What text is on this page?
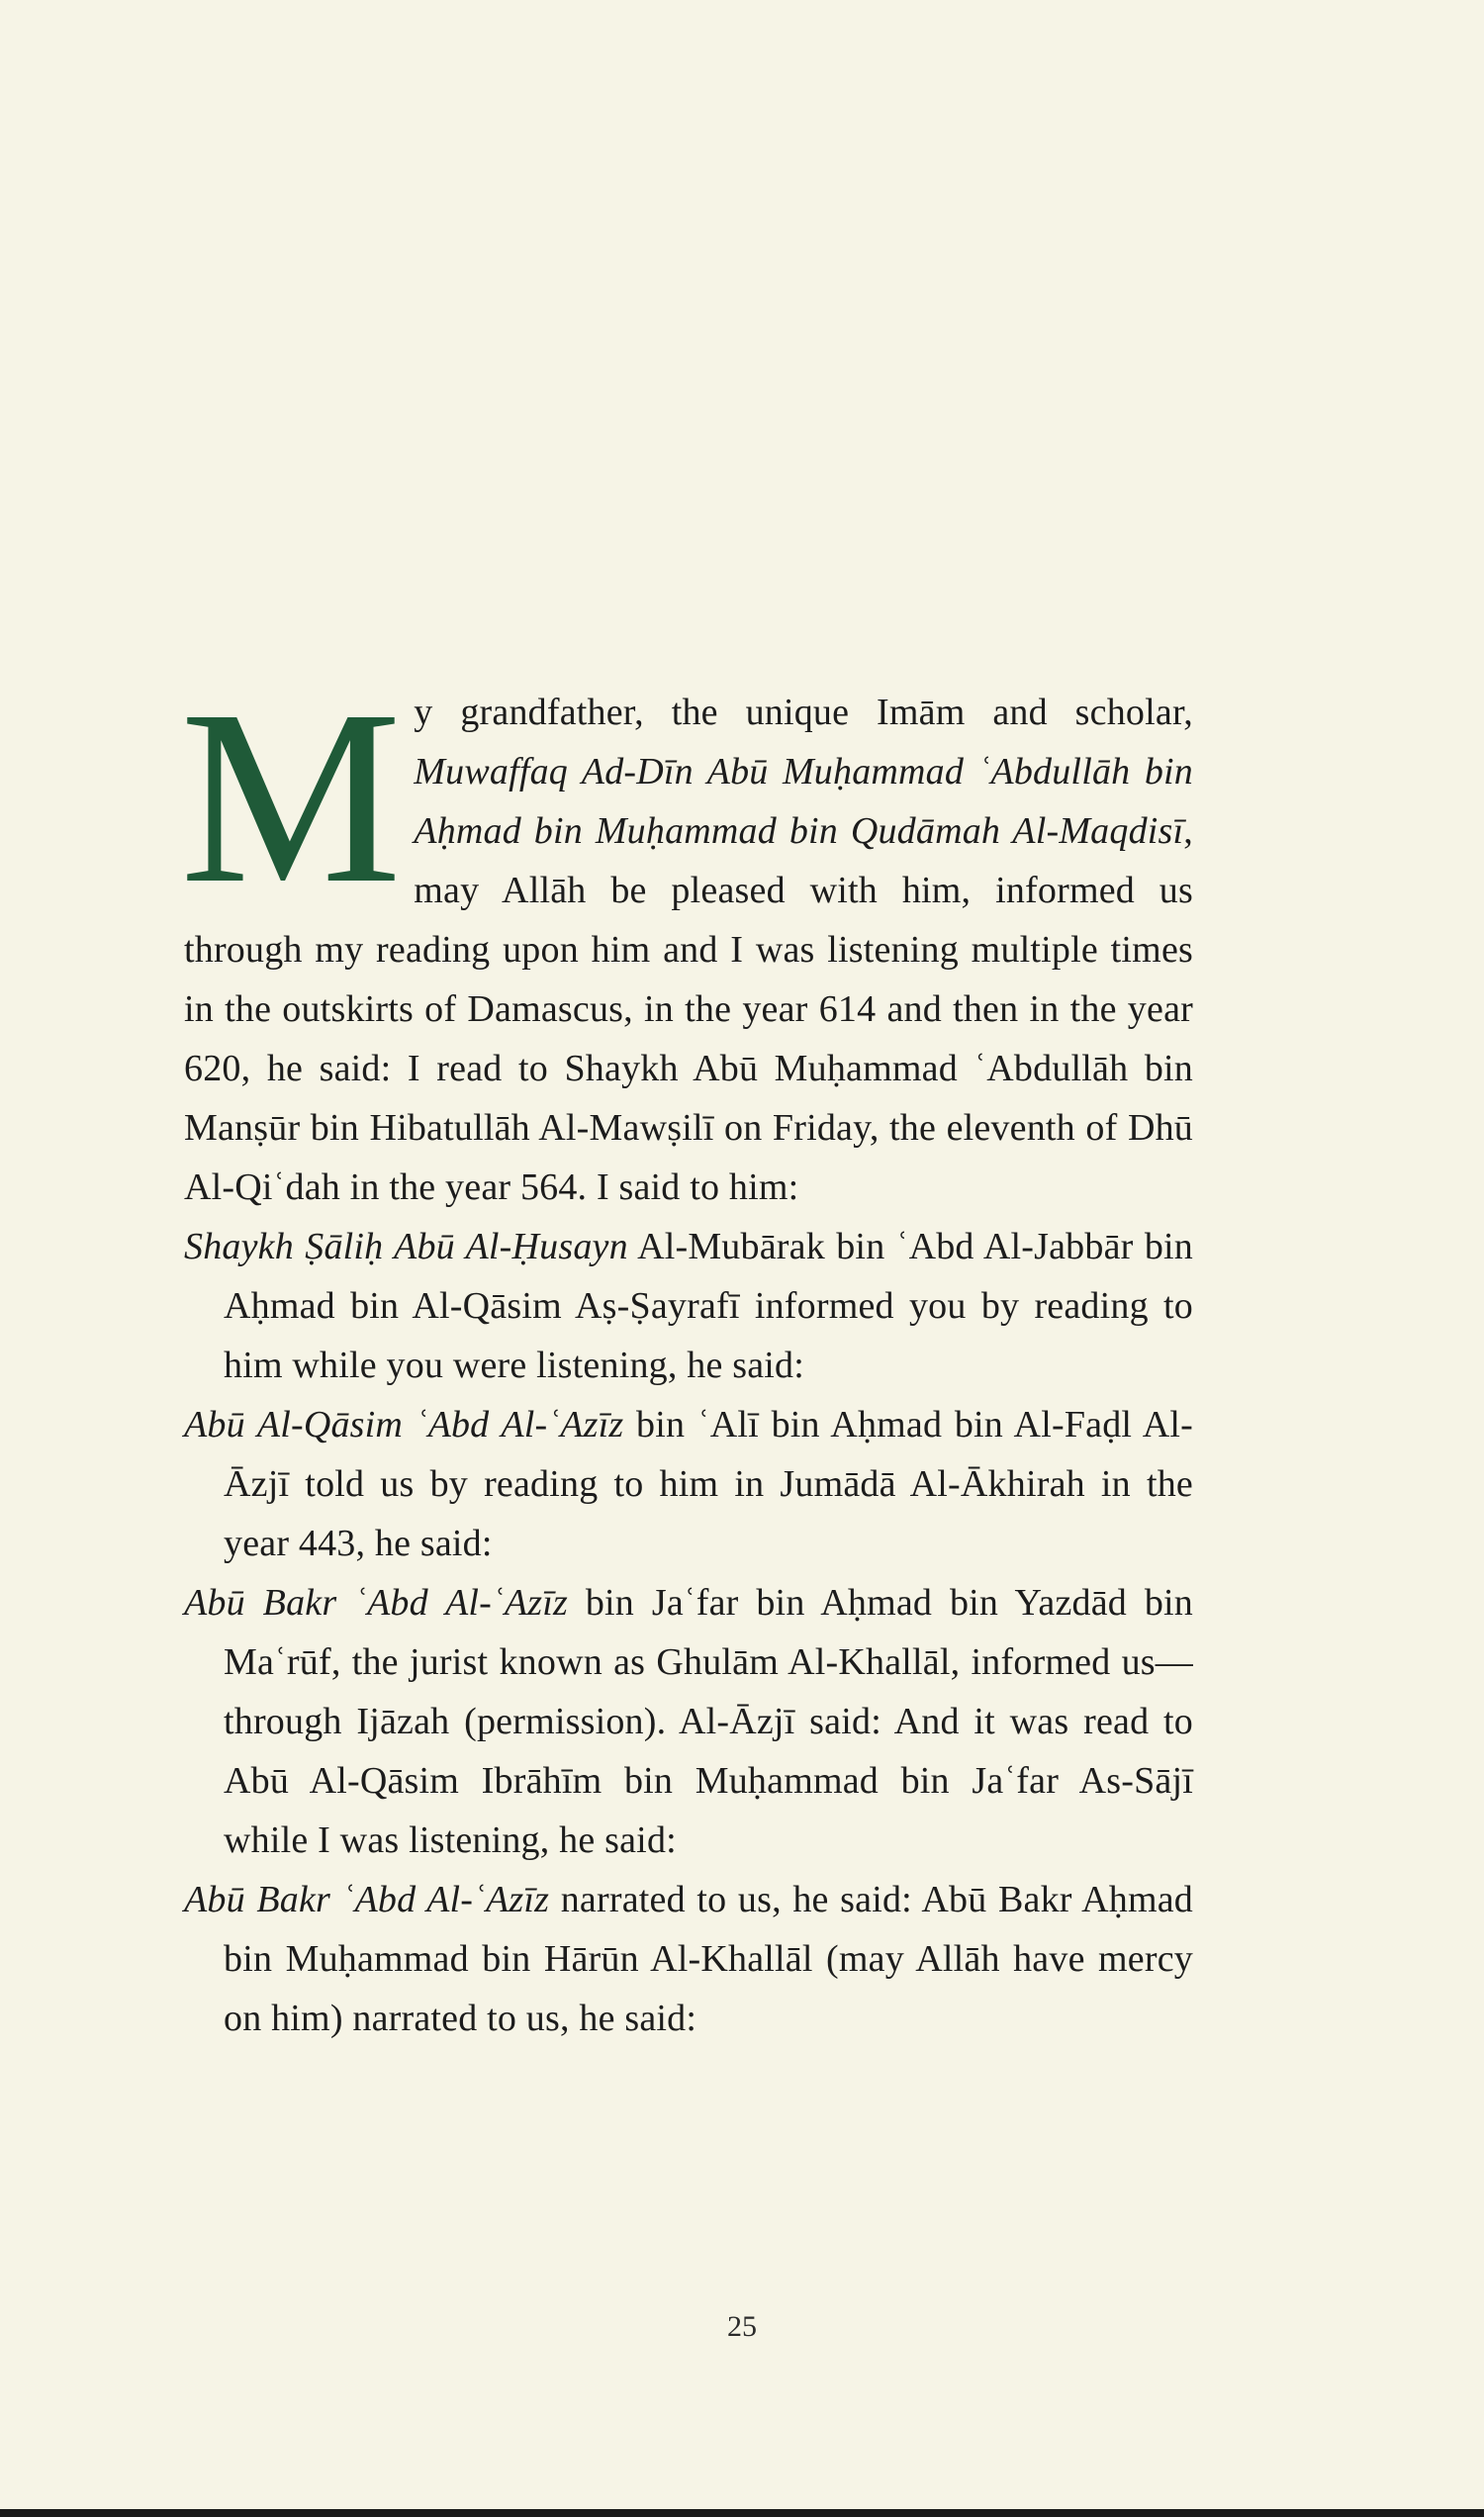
My grandfather, the unique Imām and scholar, Muwaffaq Ad-Dīn Abū Muḥammad ʿAbdullāh bin Aḥmad bin Muḥammad bin Qudāmah Al-Maqdisī, may Allāh be pleased with him, informed us through my reading upon him and I was listening multiple times in the outskirts of Damascus, in the year 614 and then in the year 620, he said: I read to Shaykh Abū Muḥammad ʿAbdullāh bin Manṣūr bin Hibatullāh Al-Mawṣilī on Friday, the eleventh of Dhū Al-Qiʿdah in the year 564. I said to him:

Shaykh Ṣāliḥ Abū Al-Ḥusayn Al-Mubārak bin ʿAbd Al-Jabbār bin Aḥmad bin Al-Qāsim Aṣ-Ṣayrafī informed you by reading to him while you were listening, he said:

Abū Al-Qāsim ʿAbd Al-ʿAzīz bin ʿAlī bin Aḥmad bin Al-Faḍl Al-Āzjī told us by reading to him in Jumādā Al-Ākhirah in the year 443, he said:

Abū Bakr ʿAbd Al-ʿAzīz bin Jaʿfar bin Aḥmad bin Yazdād bin Maʿrūf, the jurist known as Ghulām Al-Khallāl, informed us—through Ijāzah (permission). Al-Āzjī said: And it was read to Abū Al-Qāsim Ibrāhīm bin Muḥammad bin Jaʿfar As-Sājī while I was listening, he said:

Abū Bakr ʿAbd Al-ʿAzīz narrated to us, he said: Abū Bakr Aḥmad bin Muḥammad bin Hārūn Al-Khallāl (may Allāh have mercy on him) narrated to us, he said:

25
